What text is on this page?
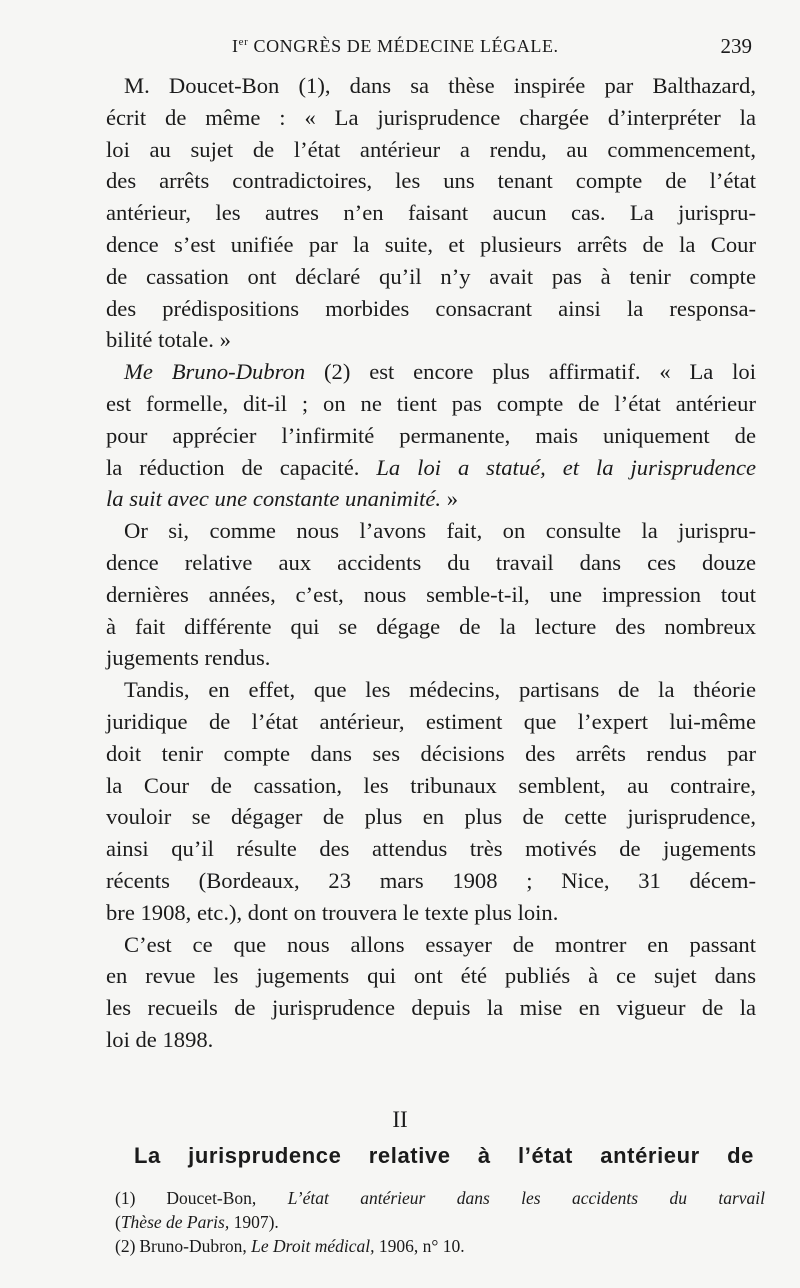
Ier CONGRÈS DE MÉDECINE LÉGALE.	239
M. Doucet-Bon (1), dans sa thèse inspirée par Balthazard,
écrit de même : « La jurisprudence chargée d’interpréter la
loi au sujet de l’état antérieur a rendu, au commencement,
des arrêts contradictoires, les uns tenant compte de l’état
antérieur, les autres n’en faisant aucun cas. La jurispru-
dence s’est unifiée par la suite, et plusieurs arrêts de la Cour
de cassation ont déclaré qu’il n’y avait pas à tenir compte
des prédispositions morbides consacrant ainsi la responsa-
bilité totale. »
Me Bruno-Dubron (2) est encore plus affirmatif. « La loi
est formelle, dit-il ; on ne tient pas compte de l’état antérieur
pour apprécier l’infirmité permanente, mais uniquement de
la réduction de capacité. La loi a statué, et la jurisprudence
la suit avec une constante unanimité. »
Or si, comme nous l’avons fait, on consulte la jurispru-
dence relative aux accidents du travail dans ces douze
dernières années, c’est, nous semble-t-il, une impression tout
à fait différente qui se dégage de la lecture des nombreux
jugements rendus.
Tandis, en effet, que les médecins, partisans de la théorie
juridique de l’état antérieur, estiment que l’expert lui-même
doit tenir compte dans ses décisions des arrêts rendus par
la Cour de cassation, les tribunaux semblent, au contraire,
vouloir se dégager de plus en plus de cette jurisprudence,
ainsi qu’il résulte des attendus très motivés de jugements
récents (Bordeaux, 23 mars 1908 ; Nice, 31 décem-
bre 1908, etc.), dont on trouvera le texte plus loin.
C’est ce que nous allons essayer de montrer en passant
en revue les jugements qui ont été publiés à ce sujet dans
les recueils de jurisprudence depuis la mise en vigueur de la
loi de 1898.
II
La jurisprudence relative à l’état antérieur de
(1) Doucet-Bon, L’état antérieur dans les accidents du tarvail
(Thèse de Paris, 1907).
(2) Bruno-Dubron, Le Droit médical, 1906, n° 10.
